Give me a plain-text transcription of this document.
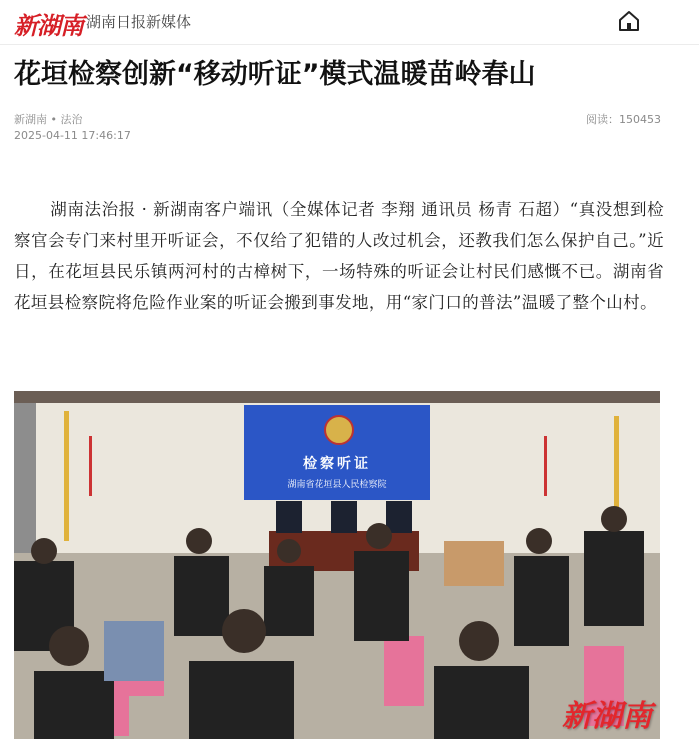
新湖南 湖南日报新媒体
花垣检察创新“移动听证”模式温暖苗岭春山
新湖南 • 法治
2025-04-11 17:46:17
阅读：150453

湖南法治报 · 新湖南客户端讯（全媒体记者 李翔 通讯员 杨青 石超）“真没想到检察官会专门来村里开听证会，不仅给了犯错的人改过机会，还教我们怎么保护自己。”近日，在花垣县民乐镇两河村的古樟树下，一场特殊的听证会让村民们感慨不已。湖南省花垣县检察院将危险作业案的听证会搬到事发地，用“家门口的普法”温暖了整个山村。

检察听证
湖南省花垣县人民检察院
新湖南
